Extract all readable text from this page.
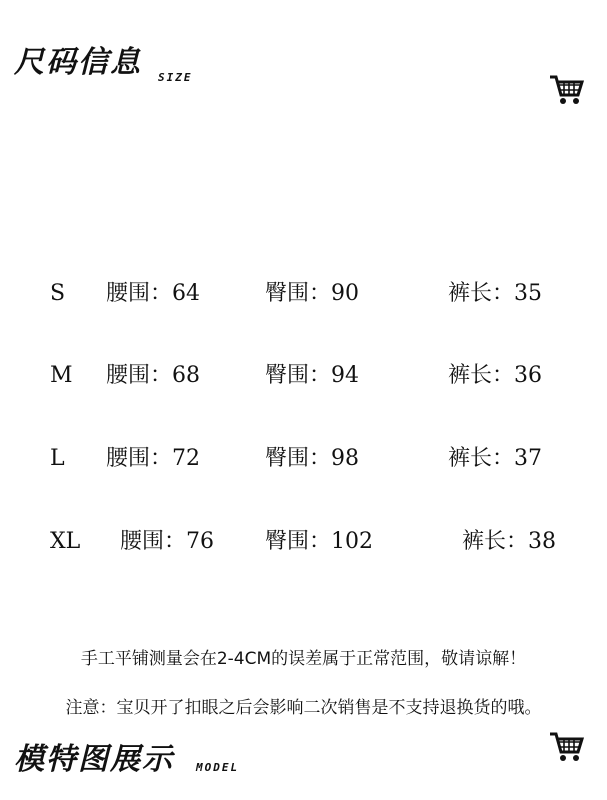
尺码信息 SIZE
S 腰围：64	臀围：90	裤长：35
M 腰围：68	臀围：94	裤长：36
L 腰围：72	臀围：98	裤长：37
XL 腰围：76 臀围：102	裤长：38
手工平铺测量会在2-4CM的误差属于正常范围，敬请谅解！
注意：宝贝开了扣眼之后会影响二次销售是不支持退换货的哦。
模特图展示 MODEL
